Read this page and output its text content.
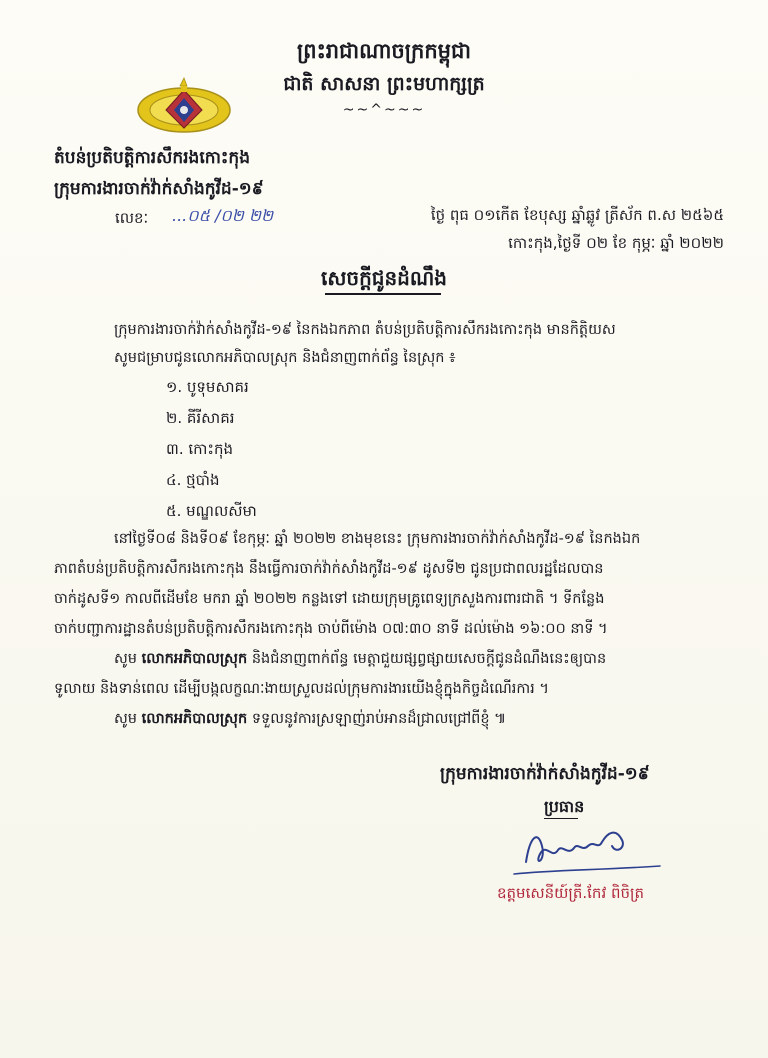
ព្រះរាជាណាចក្រកម្ពុជា
ជាតិ សាសនា ព្រះមហាក្សត្រ
~~^~~~
តំបន់ប្រតិបត្តិការសឹករងកោះកុង
ក្រុមការងារចាក់វ៉ាក់សាំងកូវីដ-១៩
លេខៈ ...០៥ /០២ ២២	ថ្ងៃ ពុធ ០១កើត ខែបុស្ស ឆ្នាំឆ្លូវ ត្រីស័ក ព.ស ២៥៦៥
កោះកុង,ថ្ងៃទី ០២ ខែ កុម្ភៈ ឆ្នាំ ២០២២
សេចក្តីជូនដំណឹង
ក្រុមការងារចាក់វ៉ាក់សាំងកូវីដ-១៩ នៃកងឯកភាព តំបន់ប្រតិបត្តិការសឹករងកោះកុង មានកិត្តិយស
សូមជម្រាបជូនលោកអភិបាលស្រុក និងជំនាញពាក់ព័ន្ធ នៃស្រុក ៖
១. បូទុមសាគរ
២. គីរីសាគរ
៣. កោះកុង
៤. ថ្មបាំង
៥. មណ្ឌលសីមា
នៅថ្ងៃទី០៨ និងទី០៩ ខែកុម្ភៈ ឆ្នាំ ២០២២ ខាងមុខនេះ ក្រុមការងារចាក់វ៉ាក់សាំងកូវីដ-១៩ នៃកងឯក
ភាពតំបន់ប្រតិបត្តិការសឹករងកោះកុង នឹងធ្វើការចាក់វ៉ាក់សាំងកូវីដ-១៩ ដូសទី២ ជូនប្រជាពលរដ្ឋដែលបាន
ចាក់ដូសទី១ កាលពីដើមខែ មករា ឆ្នាំ ២០២២ កន្លងទៅ ដោយក្រុមគ្រូពេទ្យក្រសួងការពារជាតិ ។ ទីកន្លែង
ចាក់បញ្ជាការដ្ឋានតំបន់ប្រតិបត្តិការសឹករងកោះកុង ចាប់ពីម៉ោង ០៧:៣០ នាទី ដល់ម៉ោង ១៦:០០ នាទី ។
សូម លោកអភិបាលស្រុក និងជំនាញពាក់ព័ន្ធ មេត្តាជួយផ្សព្វផ្សាយសេចក្តីជូនដំណឹងនេះឲ្យបាន
ទូលាយ និងទាន់ពេល ដើម្បីបង្កលក្ខណៈងាយស្រួលដល់ក្រុមការងារយើងខ្ញុំក្នុងកិច្ចដំណើរការ ។
សូម លោកអភិបាលស្រុក ទទួលនូវការស្រឡាញ់រាប់អានដ៏ជ្រាលជ្រៅពីខ្ញុំ ៕
ក្រុមការងារចាក់វ៉ាក់សាំងកូវីដ-១៩
ប្រធាន
ឧត្តមសេនីយ៍ត្រី.កែវ ពិចិត្រ
